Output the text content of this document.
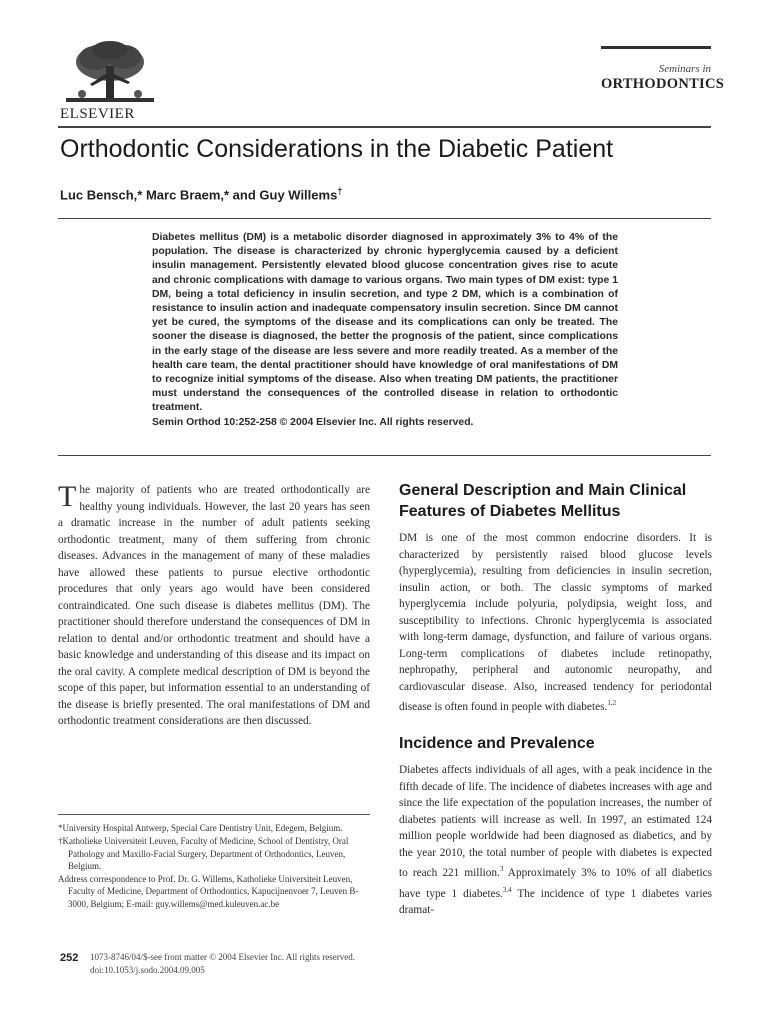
ELSEVIER
Seminars in
ORTHODONTICS
Orthodontic Considerations in the Diabetic Patient
Luc Bensch,* Marc Braem,* and Guy Willems†
Diabetes mellitus (DM) is a metabolic disorder diagnosed in approximately 3% to 4% of the population. The disease is characterized by chronic hyperglycemia caused by a deficient insulin management. Persistently elevated blood glucose concentration gives rise to acute and chronic complications with damage to various organs. Two main types of DM exist: type 1 DM, being a total deficiency in insulin secretion, and type 2 DM, which is a combination of resistance to insulin action and inadequate compensatory insulin secretion. Since DM cannot yet be cured, the symptoms of the disease and its complications can only be treated. The sooner the disease is diagnosed, the better the prognosis of the patient, since complications in the early stage of the disease are less severe and more readily treated. As a member of the health care team, the dental practitioner should have knowledge of oral manifestations of DM to recognize initial symptoms of the disease. Also when treating DM patients, the practitioner must understand the consequences of the controlled disease in relation to orthodontic treatment.
Semin Orthod 10:252-258 © 2004 Elsevier Inc. All rights reserved.
The majority of patients who are treated orthodontically are healthy young individuals. However, the last 20 years has seen a dramatic increase in the number of adult patients seeking orthodontic treatment, many of them suffering from chronic diseases. Advances in the management of many of these maladies have allowed these patients to pursue elective orthodontic procedures that only years ago would have been considered contraindicated. One such disease is diabetes mellitus (DM). The practitioner should therefore understand the consequences of DM in relation to dental and/or orthodontic treatment and should have a basic knowledge and understanding of this disease and its impact on the oral cavity. A complete medical description of DM is beyond the scope of this paper, but information essential to an understanding of the disease is briefly presented. The oral manifestations of DM and orthodontic treatment considerations are then discussed.
*University Hospital Antwerp, Special Care Dentistry Unit, Edegem, Belgium.
†Katholieke Universiteit Leuven, Faculty of Medicine, School of Dentistry, Oral Pathology and Maxillo-Facial Surgery, Department of Orthodontics, Leuven, Belgium.
Address correspondence to Prof. Dr. G. Willems, Katholieke Universiteit Leuven, Faculty of Medicine, Department of Orthodontics, Kapucijnenvoer 7, Leuven B-3000, Belgium; E-mail: guy.willems@med.kuleuven.ac.be
General Description and Main Clinical Features of Diabetes Mellitus

DM is one of the most common endocrine disorders. It is characterized by persistently raised blood glucose levels (hyperglycemia), resulting from deficiencies in insulin secretion, insulin action, or both. The classic symptoms of marked hyperglycemia include polyuria, polydipsia, weight loss, and susceptibility to infections. Chronic hyperglycemia is associated with long-term damage, dysfunction, and failure of various organs. Long-term complications of diabetes include retinopathy, nephropathy, peripheral and autonomic neuropathy, and cardiovascular disease. Also, increased tendency for periodontal disease is often found in people with diabetes.$^{1,2}$

Incidence and Prevalence

Diabetes affects individuals of all ages, with a peak incidence in the fifth decade of life. The incidence of diabetes increases with age and since the life expectation of the population increases, the number of diabetes patients will increase as well. In 1997, an estimated 124 million people worldwide had been diagnosed as diabetics, and by the year 2010, the total number of people with diabetes is expected to reach 221 million.$^3$ Approximately 3% to 10% of all diabetics have type 1 diabetes.$^{3,4}$ The incidence of type 1 diabetes varies dramat-

252 1073-8746/04/$-see front matter © 2004 Elsevier Inc. All rights reserved.
doi:10.1053/j.sodo.2004.09.005
